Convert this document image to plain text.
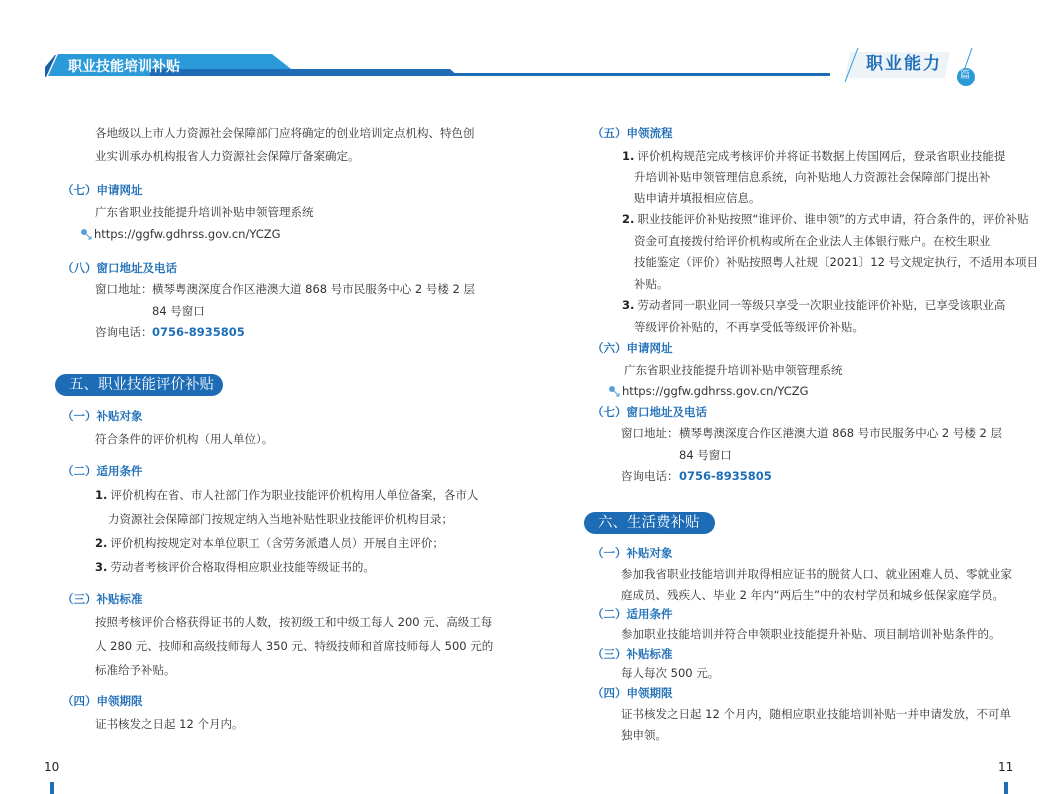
职业技能培训补贴	职业能力
篇
各地级以上市人力资源社会保障部门应将确定的创业培训定点机构、特色创
业实训承办机构报省人力资源社会保障厅备案确定。
（七）申请网址
广东省职业技能提升培训补贴申领管理系统
https://ggfw.gdhrss.gov.cn/YCZG
（八）窗口地址及电话
窗口地址： 横琴粤澳深度合作区港澳大道 868 号市民服务中心 2 号楼 2 层
84 号窗口
咨询电话： 0756-8935805
五、职业技能评价补贴
（一）补贴对象
符合条件的评价机构（用人单位）。
（二）适用条件
1. 评价机构在省、市人社部门作为职业技能评价机构用人单位备案，各市人
力资源社会保障部门按规定纳入当地补贴性职业技能评价机构目录；
2. 评价机构按规定对本单位职工（含劳务派遣人员）开展自主评价；
3. 劳动者考核评价合格取得相应职业技能等级证书的。
（三）补贴标准
按照考核评价合格获得证书的人数，按初级工和中级工每人 200 元、高级工每
人 280 元、技师和高级技师每人 350 元、特级技师和首席技师每人 500 元的
标准给予补贴。
（四）申领期限
证书核发之日起 12 个月内。
10
（五）申领流程
1. 评价机构规范完成考核评价并将证书数据上传国网后，登录省职业技能提
升培训补贴申领管理信息系统，向补贴地人力资源社会保障部门提出补
贴申请并填报相应信息。
2. 职业技能评价补贴按照“谁评价、谁申领”的方式申请，符合条件的，评价补贴
资金可直接拨付给评价机构或所在企业法人主体银行账户。在校生职业
技能鉴定（评价）补贴按照粤人社规〔2021〕12 号文规定执行，不适用本项目
补贴。
3. 劳动者同一职业同一等级只享受一次职业技能评价补贴，已享受该职业高
等级评价补贴的，不再享受低等级评价补贴。
（六）申请网址
广东省职业技能提升培训补贴申领管理系统
https://ggfw.gdhrss.gov.cn/YCZG
（七）窗口地址及电话
窗口地址： 横琴粤澳深度合作区港澳大道 868 号市民服务中心 2 号楼 2 层
84 号窗口
咨询电话： 0756-8935805
六、生活费补贴
（一）补贴对象
参加我省职业技能培训并取得相应证书的脱贫人口、就业困难人员、零就业家
庭成员、残疾人、毕业 2 年内“两后生”中的农村学员和城乡低保家庭学员。
（二）适用条件
参加职业技能培训并符合申领职业技能提升补贴、项目制培训补贴条件的。
（三）补贴标准
每人每次 500 元。
（四）申领期限
证书核发之日起 12 个月内，随相应职业技能培训补贴一并申请发放，不可单
独申领。
11
